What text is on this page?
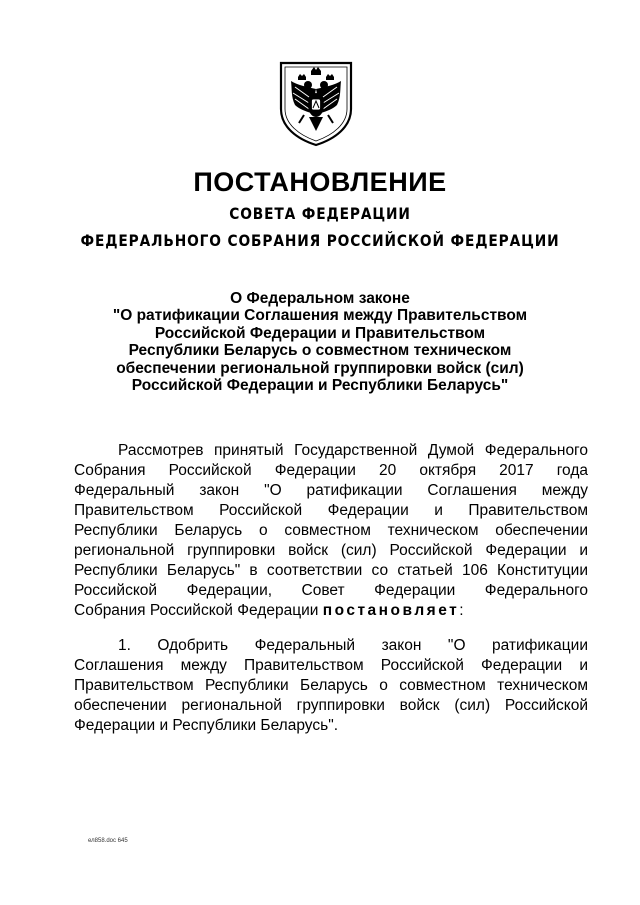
ПОСТАНОВЛЕНИЕ
СОВЕТА ФЕДЕРАЦИИ
ФЕДЕРАЛЬНОГО СОБРАНИЯ РОССИЙСКОЙ ФЕДЕРАЦИИ
О Федеральном законе
"О ратификации Соглашения между Правительством
Российской Федерации и Правительством
Республики Беларусь о совместном техническом
обеспечении региональной группировки войск (сил)
Российской Федерации и Республики Беларусь"
Рассмотрев принятый Государственной Думой Федерального
Собрания Российской Федерации 20 октября 2017 года
Федеральный закон "О ратификации Соглашения между
Правительством Российской Федерации и Правительством
Республики Беларусь о совместном техническом обеспечении
региональной группировки войск (сил) Российской Федерации и
Республики Беларусь" в соответствии со статьей 106 Конституции
Российской Федерации, Совет Федерации Федерального
Собрания Российской Федерации постановляет:
1. Одобрить Федеральный закон "О ратификации
Соглашения между Правительством Российской Федерации и
Правительством Республики Беларусь о совместном техническом
обеспечении региональной группировки войск (сил) Российской
Федерации и Республики Беларусь".
ел858.doc 645
